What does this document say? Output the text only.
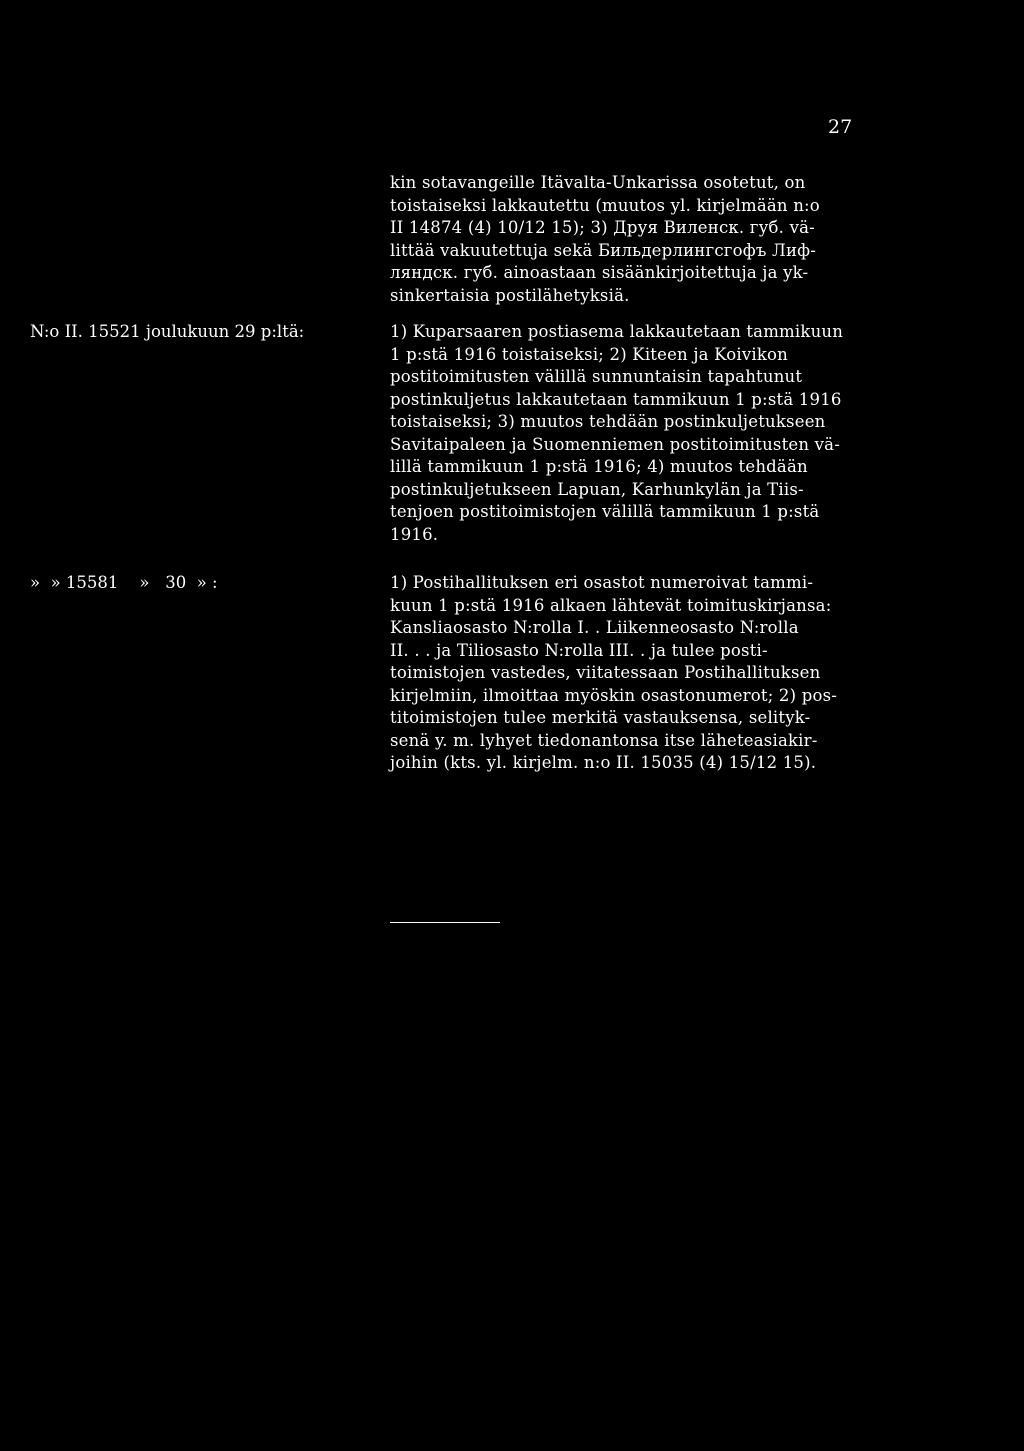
27
kin sotavangeille Itävalta-Unkarissa osotetut, on
toistaiseksi lakkautettu (muutos yl. kirjelmään n:o
II 14874 (4) 10/12 15); 3) Друя Виленск. губ. vä-
littää vakuutettuja sekä Бильдерлингсгофъ Лиф-
ляндск. губ. ainoastaan sisäänkirjoitettuja ja yk-
sinkertaisia postilähetyksiä.
N:o II. 15521 joulukuun 29 p:ltä:	1) Kuparsaaren postiasema lakkautetaan tammikuun
1 p:stä 1916 toistaiseksi; 2) Kiteen ja Koivikon
postitoimitusten välillä sunnuntaisin tapahtunut
postinkuljetus lakkautetaan tammikuun 1 p:stä 1916
toistaiseksi; 3) muutos tehdään postinkuljetukseen
Savitaipaleen ja Suomenniemen postitoimitusten vä-
lillä tammikuun 1 p:stä 1916; 4) muutos tehdään
postinkuljetukseen Lapuan, Karhunkylän ja Tiis-
tenjoen postitoimistojen välillä tammikuun 1 p:stä
1916.
»  » 15581    »   30  » :	1) Postihallituksen eri osastot numeroivat tammi-
kuun 1 p:stä 1916 alkaen lähtevät toimituskirjansa:
Kansliaosasto N:rolla I. . Liikenneosasto N:rolla
II. . . ja Tiliosasto N:rolla III. . ja tulee posti-
toimistojen vastedes, viitatessaan Postihallituksen
kirjelmiin, ilmoittaa myöskin osastonumerot; 2) pos-
titoimistojen tulee merkitä vastauksensa, selityk-
senä y. m. lyhyet tiedonantonsa itse läheteasiakir-
joihin (kts. yl. kirjelm. n:o II. 15035 (4) 15/12 15).
